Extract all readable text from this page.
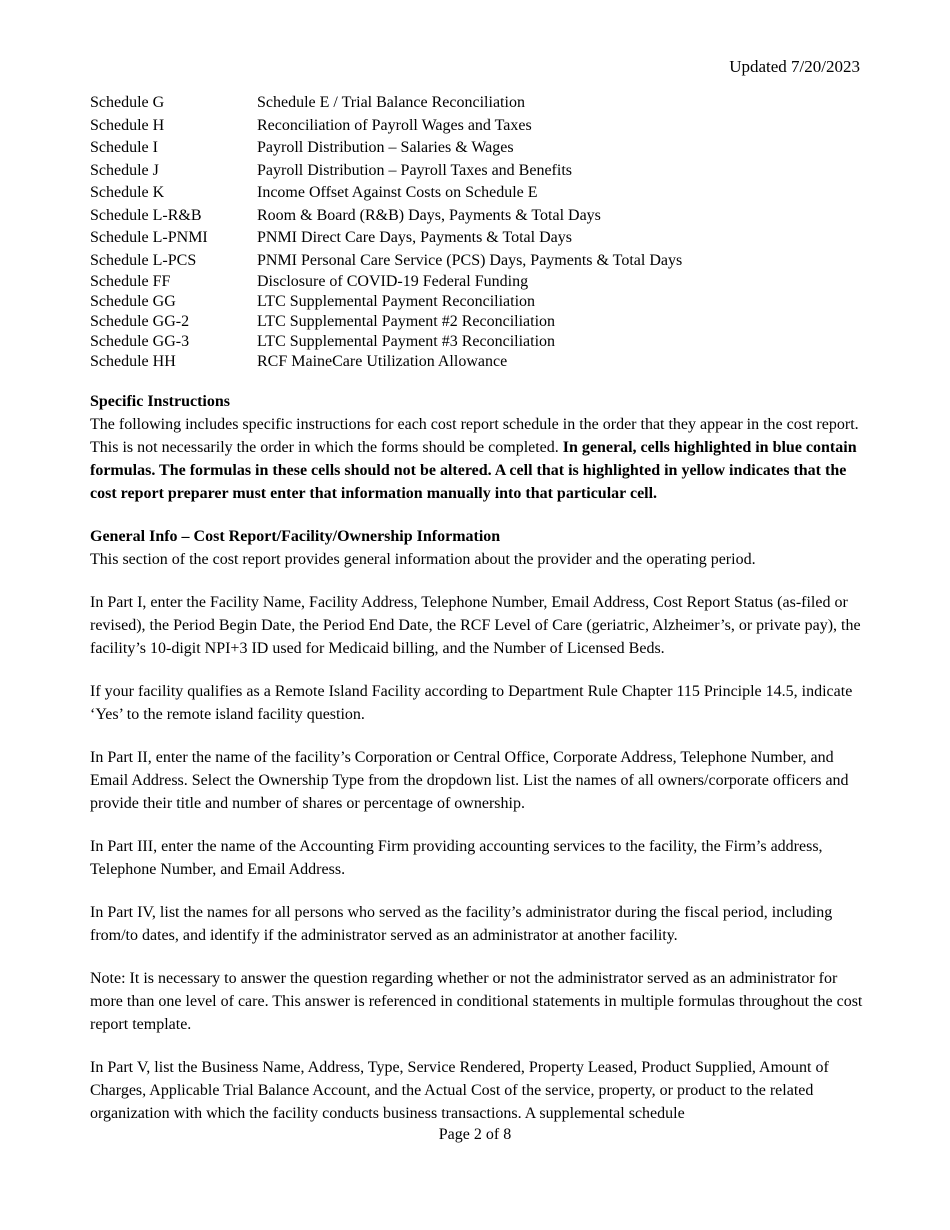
Updated 7/20/2023
Schedule G	Schedule E / Trial Balance Reconciliation
Schedule H	Reconciliation of Payroll Wages and Taxes
Schedule I	Payroll Distribution – Salaries & Wages
Schedule J	Payroll Distribution – Payroll Taxes and Benefits
Schedule K	Income Offset Against Costs on Schedule E
Schedule L-R&B	Room & Board (R&B) Days, Payments & Total Days
Schedule L-PNMI	PNMI Direct Care Days, Payments & Total Days
Schedule L-PCS	PNMI Personal Care Service (PCS) Days, Payments & Total Days
Schedule FF	Disclosure of COVID-19 Federal Funding
Schedule GG	LTC Supplemental Payment Reconciliation
Schedule GG-2	LTC Supplemental Payment #2 Reconciliation
Schedule GG-3	LTC Supplemental Payment #3 Reconciliation
Schedule HH	RCF MaineCare Utilization Allowance
Specific Instructions

The following includes specific instructions for each cost report schedule in the order that they appear in the cost report. This is not necessarily the order in which the forms should be completed. In general, cells highlighted in blue contain formulas. The formulas in these cells should not be altered. A cell that is highlighted in yellow indicates that the cost report preparer must enter that information manually into that particular cell.

General Info – Cost Report/Facility/Ownership Information

This section of the cost report provides general information about the provider and the operating period.

In Part I, enter the Facility Name, Facility Address, Telephone Number, Email Address, Cost Report Status (as-filed or revised), the Period Begin Date, the Period End Date, the RCF Level of Care (geriatric, Alzheimer’s, or private pay), the facility’s 10-digit NPI+3 ID used for Medicaid billing, and the Number of Licensed Beds.

If your facility qualifies as a Remote Island Facility according to Department Rule Chapter 115 Principle 14.5, indicate ‘Yes’ to the remote island facility question.

In Part II, enter the name of the facility’s Corporation or Central Office, Corporate Address, Telephone Number, and Email Address. Select the Ownership Type from the dropdown list. List the names of all owners/corporate officers and provide their title and number of shares or percentage of ownership.

In Part III, enter the name of the Accounting Firm providing accounting services to the facility, the Firm’s address, Telephone Number, and Email Address.

In Part IV, list the names for all persons who served as the facility’s administrator during the fiscal period, including from/to dates, and identify if the administrator served as an administrator at another facility.

Note: It is necessary to answer the question regarding whether or not the administrator served as an administrator for more than one level of care. This answer is referenced in conditional statements in multiple formulas throughout the cost report template.

In Part V, list the Business Name, Address, Type, Service Rendered, Property Leased, Product Supplied, Amount of Charges, Applicable Trial Balance Account, and the Actual Cost of the service, property, or product to the related organization with which the facility conducts business transactions. A supplemental schedule

Page 2 of 8
